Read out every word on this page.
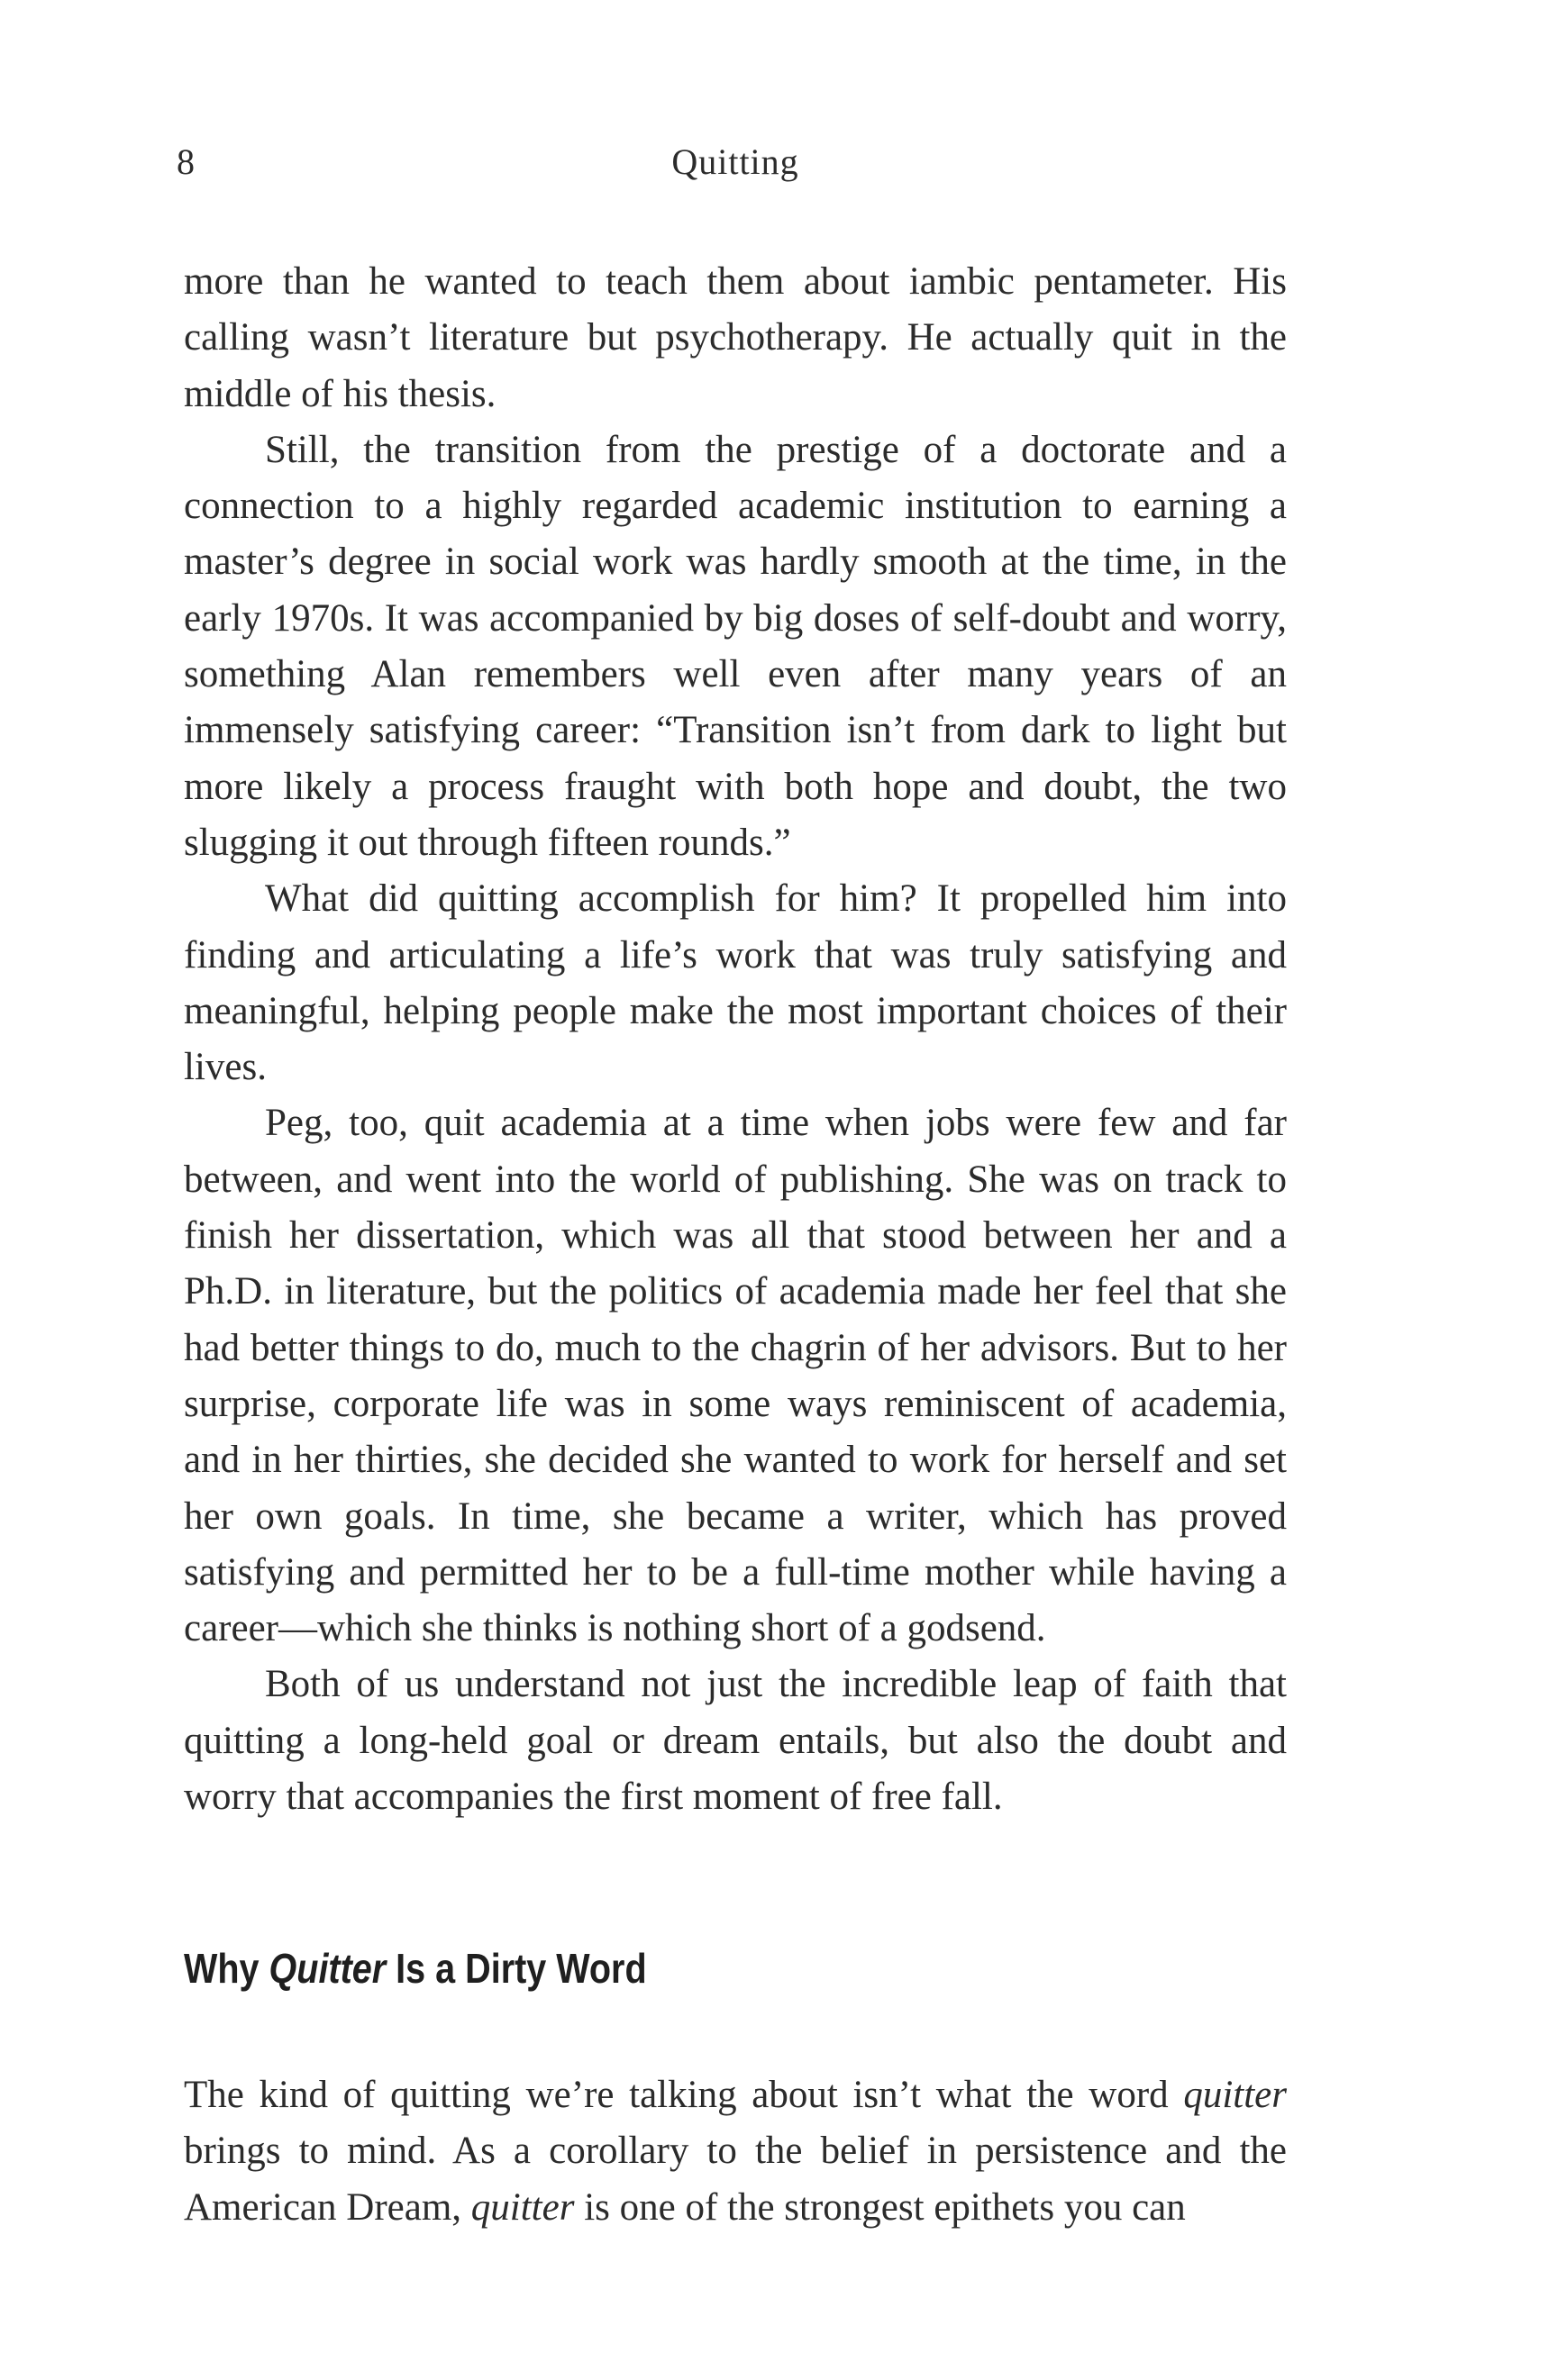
8	Quitting

more than he wanted to teach them about iambic pentameter. His calling wasn’t literature but psychotherapy. He actually quit in the middle of his thesis.

Still, the transition from the prestige of a doctorate and a connection to a highly regarded academic institution to earning a master’s degree in social work was hardly smooth at the time, in the early 1970s. It was accompanied by big doses of self-doubt and worry, something Alan remembers well even after many years of an immensely satisfying career: “Transition isn’t from dark to light but more likely a process fraught with both hope and doubt, the two slugging it out through fifteen rounds.”

What did quitting accomplish for him? It propelled him into finding and articulating a life’s work that was truly satisfying and meaningful, helping people make the most important choices of their lives.

Peg, too, quit academia at a time when jobs were few and far between, and went into the world of publishing. She was on track to finish her dissertation, which was all that stood between her and a Ph.D. in literature, but the politics of academia made her feel that she had better things to do, much to the chagrin of her advisors. But to her surprise, corporate life was in some ways reminiscent of academia, and in her thirties, she decided she wanted to work for herself and set her own goals. In time, she became a writer, which has proved satisfying and permitted her to be a full-time mother while having a career—which she thinks is nothing short of a godsend.

Both of us understand not just the incredible leap of faith that quitting a long-held goal or dream entails, but also the doubt and worry that accompanies the first moment of free fall.

Why Quitter Is a Dirty Word

The kind of quitting we’re talking about isn’t what the word quitter brings to mind. As a corollary to the belief in persistence and the American Dream, quitter is one of the strongest epithets you can
